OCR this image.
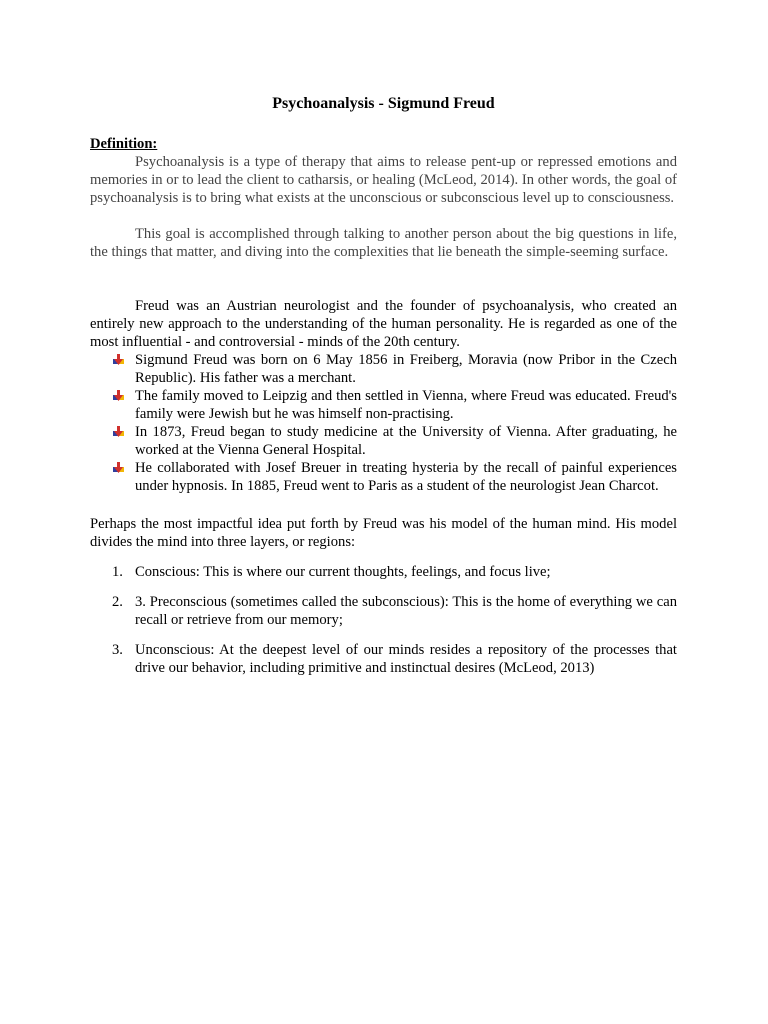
Psychoanalysis - Sigmund Freud
Definition:

Psychoanalysis is a type of therapy that aims to release pent-up or repressed emotions and memories in or to lead the client to catharsis, or healing (McLeod, 2014). In other words, the goal of psychoanalysis is to bring what exists at the unconscious or subconscious level up to consciousness.

This goal is accomplished through talking to another person about the big questions in life, the things that matter, and diving into the complexities that lie beneath the simple-seeming surface.

Freud was an Austrian neurologist and the founder of psychoanalysis, who created an entirely new approach to the understanding of the human personality. He is regarded as one of the most influential - and controversial - minds of the 20th century.

Sigmund Freud was born on 6 May 1856 in Freiberg, Moravia (now Pribor in the Czech Republic). His father was a merchant.
The family moved to Leipzig and then settled in Vienna, where Freud was educated. Freud's family were Jewish but he was himself non-practising.
In 1873, Freud began to study medicine at the University of Vienna. After graduating, he worked at the Vienna General Hospital.
He collaborated with Josef Breuer in treating hysteria by the recall of painful experiences under hypnosis. In 1885, Freud went to Paris as a student of the neurologist Jean Charcot.

Perhaps the most impactful idea put forth by Freud was his model of the human mind. His model divides the mind into three layers, or regions:

1. Conscious: This is where our current thoughts, feelings, and focus live;
2. 3. Preconscious (sometimes called the subconscious): This is the home of everything we can recall or retrieve from our memory;
3. Unconscious: At the deepest level of our minds resides a repository of the processes that drive our behavior, including primitive and instinctual desires (McLeod, 2013)
